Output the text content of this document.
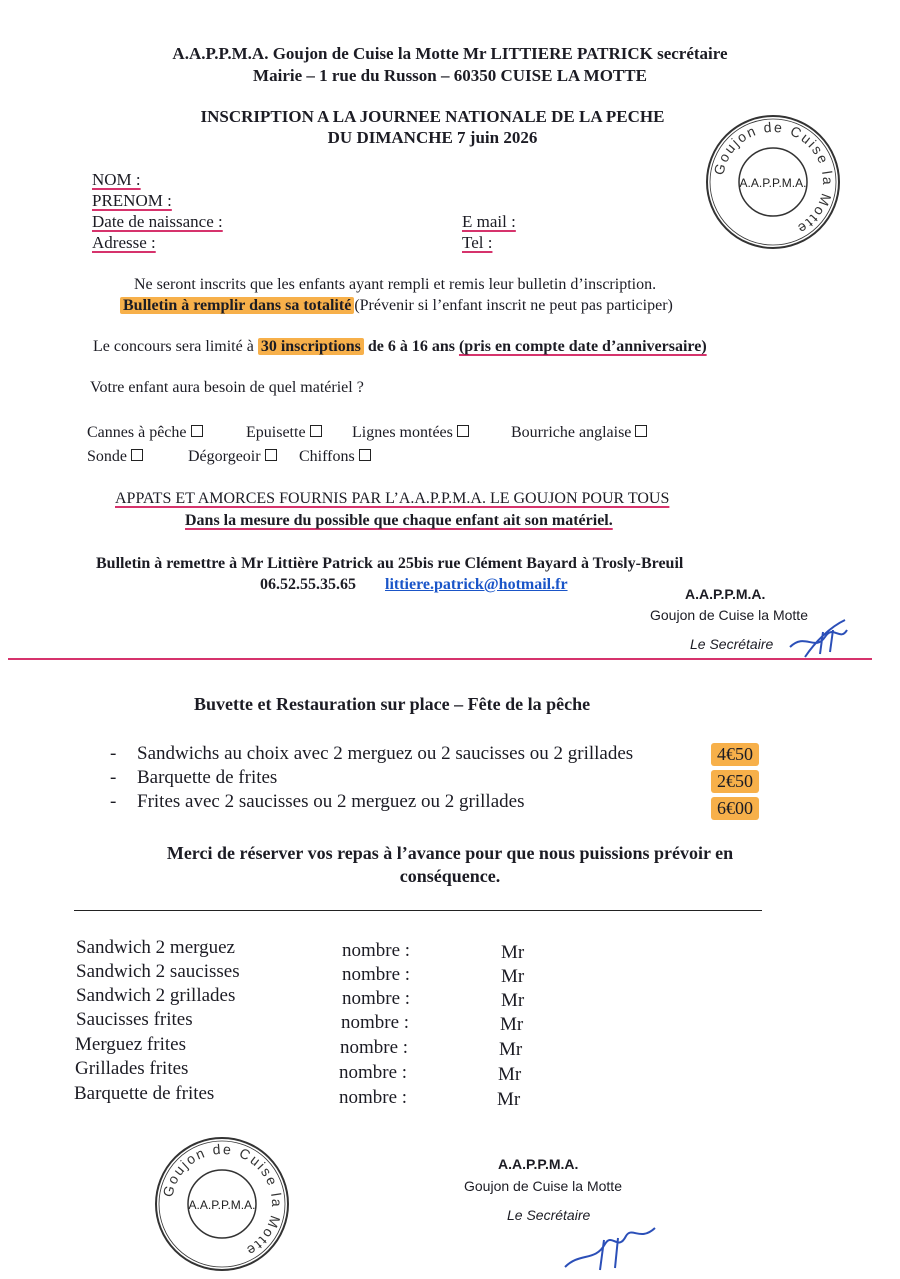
A.A.P.P.M.A. Goujon de Cuise la Motte Mr LITTIERE PATRICK secrétaire
Mairie – 1 rue du Russon – 60350 CUISE LA MOTTE
INSCRIPTION A LA JOURNEE NATIONALE DE LA PECHE
DU DIMANCHE 7 juin 2026
Goujon de Cuise la Motte
A.A.P.P.M.A.
NOM :
PRENOM :
Date de naissance :
Adresse :
E mail :
Tel :
Ne seront inscrits que les enfants ayant rempli et remis leur bulletin d’inscription.
Bulletin à remplir dans sa totalité (Prévenir si l’enfant inscrit ne peut pas participer)
Le concours sera limité à 30 inscriptions de 6 à 16 ans (pris en compte date d’anniversaire)
Votre enfant aura besoin de quel matériel ?
Cannes à pêche	Epuisette	Lignes montées	Bourriche anglaise
Sonde	Dégorgeoir	Chiffons
APPATS ET AMORCES FOURNIS PAR L’A.A.P.P.M.A. LE GOUJON POUR TOUS
Dans la mesure du possible que chaque enfant ait son matériel.
Bulletin à remettre à Mr Littière Patrick au 25bis rue Clément Bayard à Trosly-Breuil
06.52.55.35.65 littiere.patrick@hotmail.fr
A.A.P.P.M.A.
Goujon de Cuise la Motte
Le Secrétaire
Buvette et Restauration sur place – Fête de la pêche
- Sandwichs au choix avec 2 merguez ou 2 saucisses ou 2 grillades	4€50
- Barquette de frites	2€50
- Frites avec 2 saucisses ou 2 merguez ou 2 grillades	6€00
Merci de réserver vos repas à l’avance pour que nous puissions prévoir en
conséquence.
Sandwich 2 merguez	nombre :	Mr
Sandwich 2 saucisses	nombre :	Mr
Sandwich 2 grillades	nombre :	Mr
Saucisses frites	nombre :	Mr
Merguez frites	nombre :	Mr
Grillades frites	nombre :	Mr
Barquette de frites	nombre :	Mr
Goujon de Cuise la Motte
A.A.P.P.M.A.
A.A.P.P.M.A.
Goujon de Cuise la Motte
Le Secrétaire
